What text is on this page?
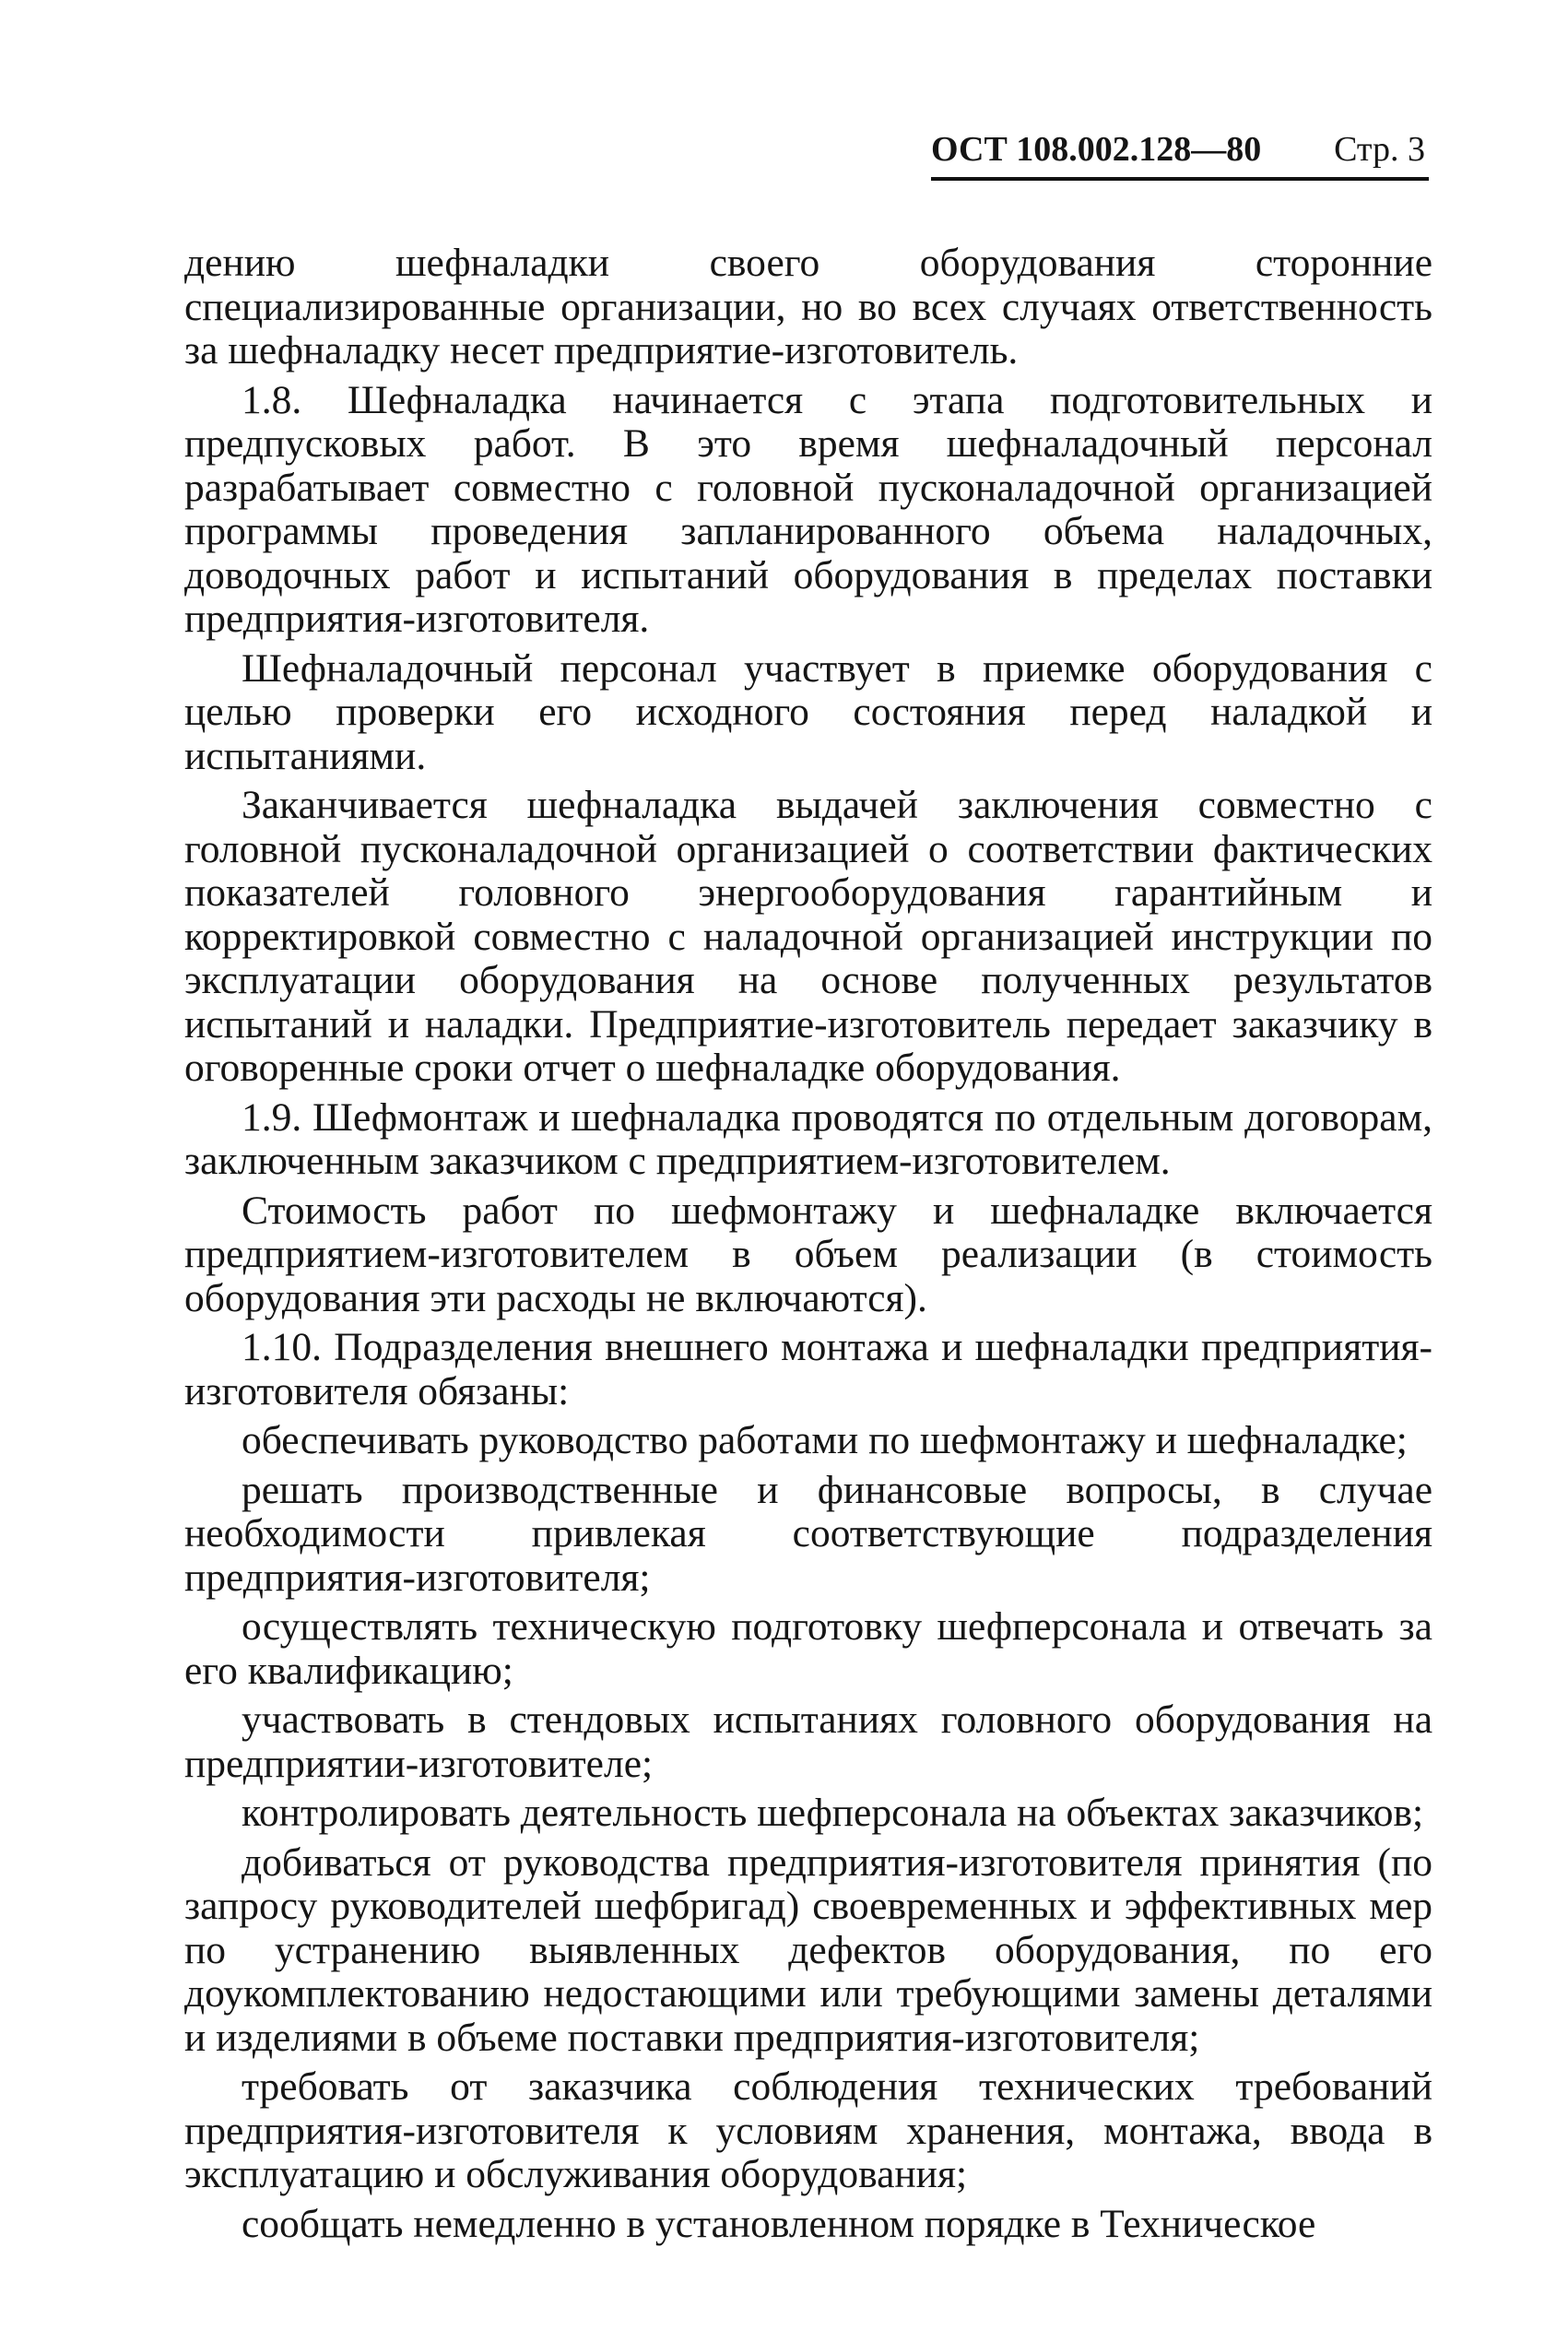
ОСТ 108.002.128—80 Стр. 3

дению шефналадки своего оборудования сторонние специализированные организации, но во всех случаях ответственность за шефналадку несет предприятие-изготовитель.

1.8. Шефналадка начинается с этапа подготовительных и предпусковых работ. В это время шефналадочный персонал разрабатывает совместно с головной пусконаладочной организацией программы проведения запланированного объема наладочных, доводочных работ и испытаний оборудования в пределах поставки предприятия-изготовителя.

Шефналадочный персонал участвует в приемке оборудования с целью проверки его исходного состояния перед наладкой и испытаниями.

Заканчивается шефналадка выдачей заключения совместно с головной пусконаладочной организацией о соответствии фактических показателей головного энергооборудования гарантийным и корректировкой совместно с наладочной организацией инструкции по эксплуатации оборудования на основе полученных результатов испытаний и наладки. Предприятие-изготовитель передает заказчику в оговоренные сроки отчет о шефналадке оборудования.

1.9. Шефмонтаж и шефналадка проводятся по отдельным договорам, заключенным заказчиком с предприятием-изготовителем.

Стоимость работ по шефмонтажу и шефналадке включается предприятием-изготовителем в объем реализации (в стоимость оборудования эти расходы не включаются).

1.10. Подразделения внешнего монтажа и шефналадки предприятия-изготовителя обязаны:

обеспечивать руководство работами по шефмонтажу и шефналадке;

решать производственные и финансовые вопросы, в случае необходимости привлекая соответствующие подразделения предприятия-изготовителя;

осуществлять техническую подготовку шефперсонала и отвечать за его квалификацию;

участвовать в стендовых испытаниях головного оборудования на предприятии-изготовителе;

контролировать деятельность шефперсонала на объектах заказчиков;

добиваться от руководства предприятия-изготовителя принятия (по запросу руководителей шефбригад) своевременных и эффективных мер по устранению выявленных дефектов оборудования, по его доукомплектованию недостающими или требующими замены деталями и изделиями в объеме поставки предприятия-изготовителя;

требовать от заказчика соблюдения технических требований предприятия-изготовителя к условиям хранения, монтажа, ввода в эксплуатацию и обслуживания оборудования;

сообщать немедленно в установленном порядке в Техническое
